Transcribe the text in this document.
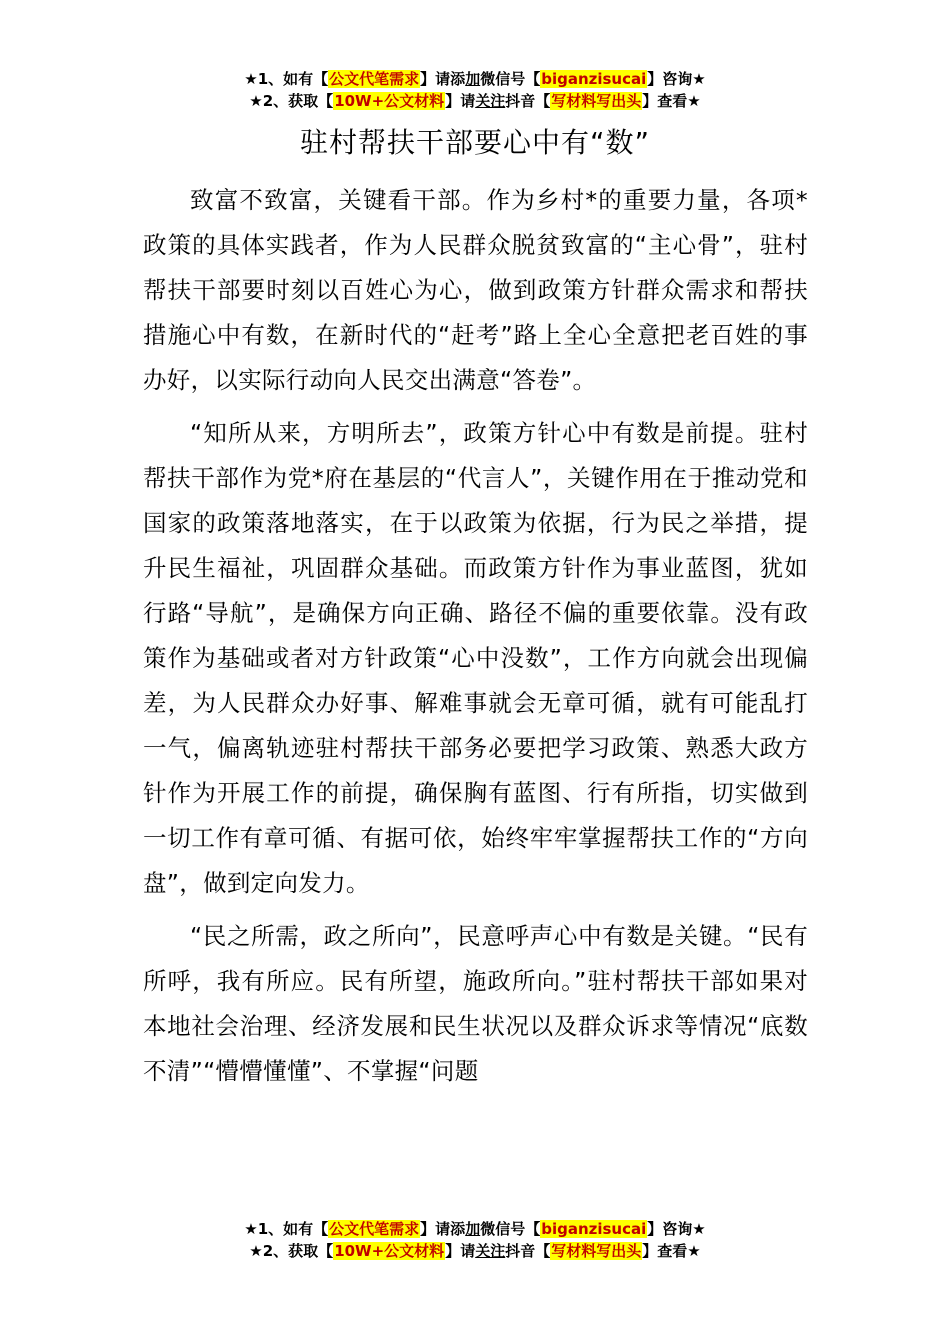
★1、如有【公文代笔需求】请添加微信号【biganzisucai】咨询★
★2、获取【10W+公文材料】请关注抖音【写材料写出头】查看★
驻村帮扶干部要心中有“数”

致富不致富，关键看干部。作为乡村*的重要力量，各项*政策的具体实践者，作为人民群众脱贫致富的“主心骨”，驻村帮扶干部要时刻以百姓心为心，做到政策方针群众需求和帮扶措施心中有数，在新时代的“赶考”路上全心全意把老百姓的事办好，以实际行动向人民交出满意“答卷”。

“知所从来，方明所去”，政策方针心中有数是前提。驻村帮扶干部作为党*府在基层的“代言人”，关键作用在于推动党和国家的政策落地落实，在于以政策为依据，行为民之举措，提升民生福祉，巩固群众基础。而政策方针作为事业蓝图，犹如行路“导航”，是确保方向正确、路径不偏的重要依靠。没有政策作为基础或者对方针政策“心中没数”，工作方向就会出现偏差，为人民群众办好事、解难事就会无章可循，就有可能乱打一气，偏离轨迹驻村帮扶干部务必要把学习政策、熟悉大政方针作为开展工作的前提，确保胸有蓝图、行有所指，切实做到一切工作有章可循、有据可依，始终牢牢掌握帮扶工作的“方向盘”，做到定向发力。

“民之所需，政之所向”，民意呼声心中有数是关键。“民有所呼，我有所应。民有所望，施政所向。”驻村帮扶干部如果对本地社会治理、经济发展和民生状况以及群众诉求等情况“底数不清”“懵懵懂懂”、不掌握“问题

★1、如有【公文代笔需求】请添加微信号【biganzisucai】咨询★
★2、获取【10W+公文材料】请关注抖音【写材料写出头】查看★
